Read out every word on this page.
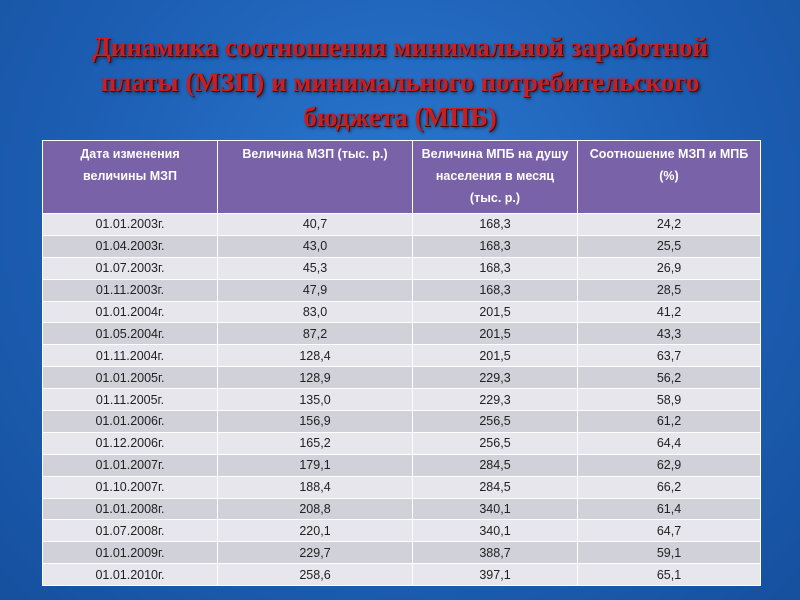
Динамика соотношения минимальной заработной
платы (МЗП) и минимального потребительского
бюджета (МПБ)
Дата изменения величины МЗП	Величина МЗП (тыс. р.)	Величина МПБ на душу населения в месяц (тыс. р.)	Соотношение МЗП и МПБ (%)
01.01.2003г.	40,7	168,3	24,2
01.04.2003г.	43,0	168,3	25,5
01.07.2003г.	45,3	168,3	26,9
01.11.2003г.	47,9	168,3	28,5
01.01.2004г.	83,0	201,5	41,2
01.05.2004г.	87,2	201,5	43,3
01.11.2004г.	128,4	201,5	63,7
01.01.2005г.	128,9	229,3	56,2
01.11.2005г.	135,0	229,3	58,9
01.01.2006г.	156,9	256,5	61,2
01.12.2006г.	165,2	256,5	64,4
01.01.2007г.	179,1	284,5	62,9
01.10.2007г.	188,4	284,5	66,2
01.01.2008г.	208,8	340,1	61,4
01.07.2008г.	220,1	340,1	64,7
01.01.2009г.	229,7	388,7	59,1
01.01.2010г.	258,6	397,1	65,1
